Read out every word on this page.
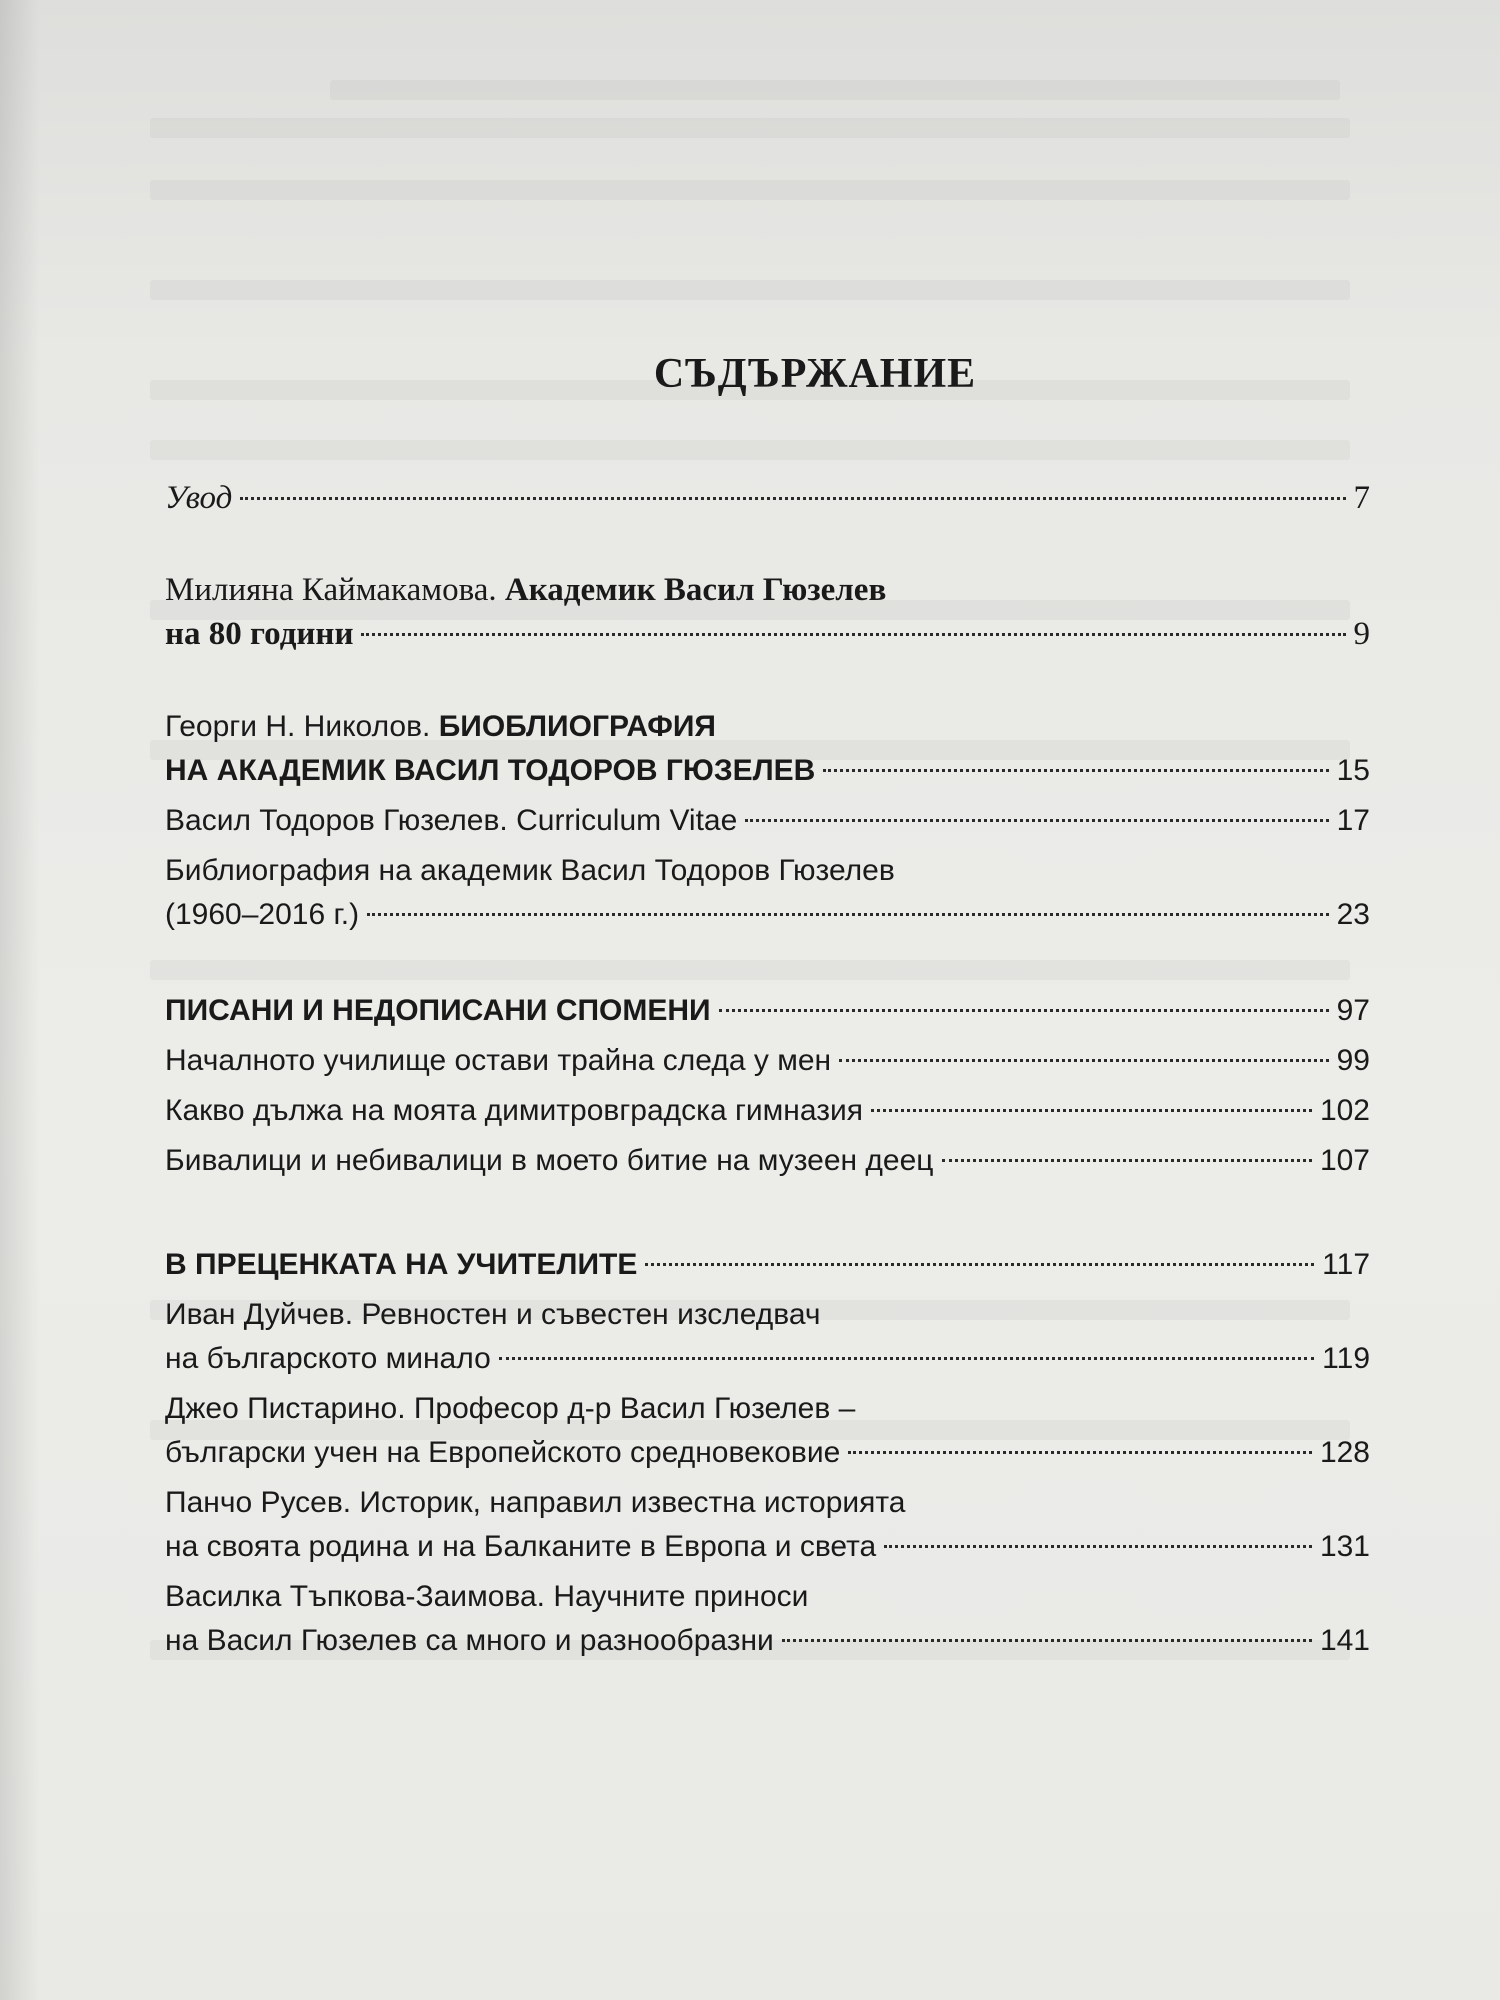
СЪДЪРЖАНИЕ
Увод	7
Милияна Каймакамова. Академик Васил Гюзелев
на 80 години	9
Георги Н. Николов. БИОБЛИОГРАФИЯ
НА АКАДЕМИК ВАСИЛ ТОДОРОВ ГЮЗЕЛЕВ	15
Васил Тодоров Гюзелев. Curriculum Vitae	17
Библиография на академик Васил Тодоров Гюзелев
(1960–2016 г.)	23
ПИСАНИ И НЕДОПИСАНИ СПОМЕНИ	97
Началното училище остави трайна следа у мен	99
Какво дължа на моята димитровградска гимназия	102
Бивалици и небивалици в моето битие на музеен деец	107
В ПРЕЦЕНКАТА НА УЧИТЕЛИТЕ	117
Иван Дуйчев. Ревностен и съвестен изследвач
на българското минало	119
Джео Пистарино. Професор д-р Васил Гюзелев –
български учен на Европейското средновековие	128
Панчо Русев. Историк, направил известна историята
на своята родина и на Балканите в Европа и света	131
Василка Тъпкова-Заимова. Научните приноси
на Васил Гюзелев са много и разнообразни	141
